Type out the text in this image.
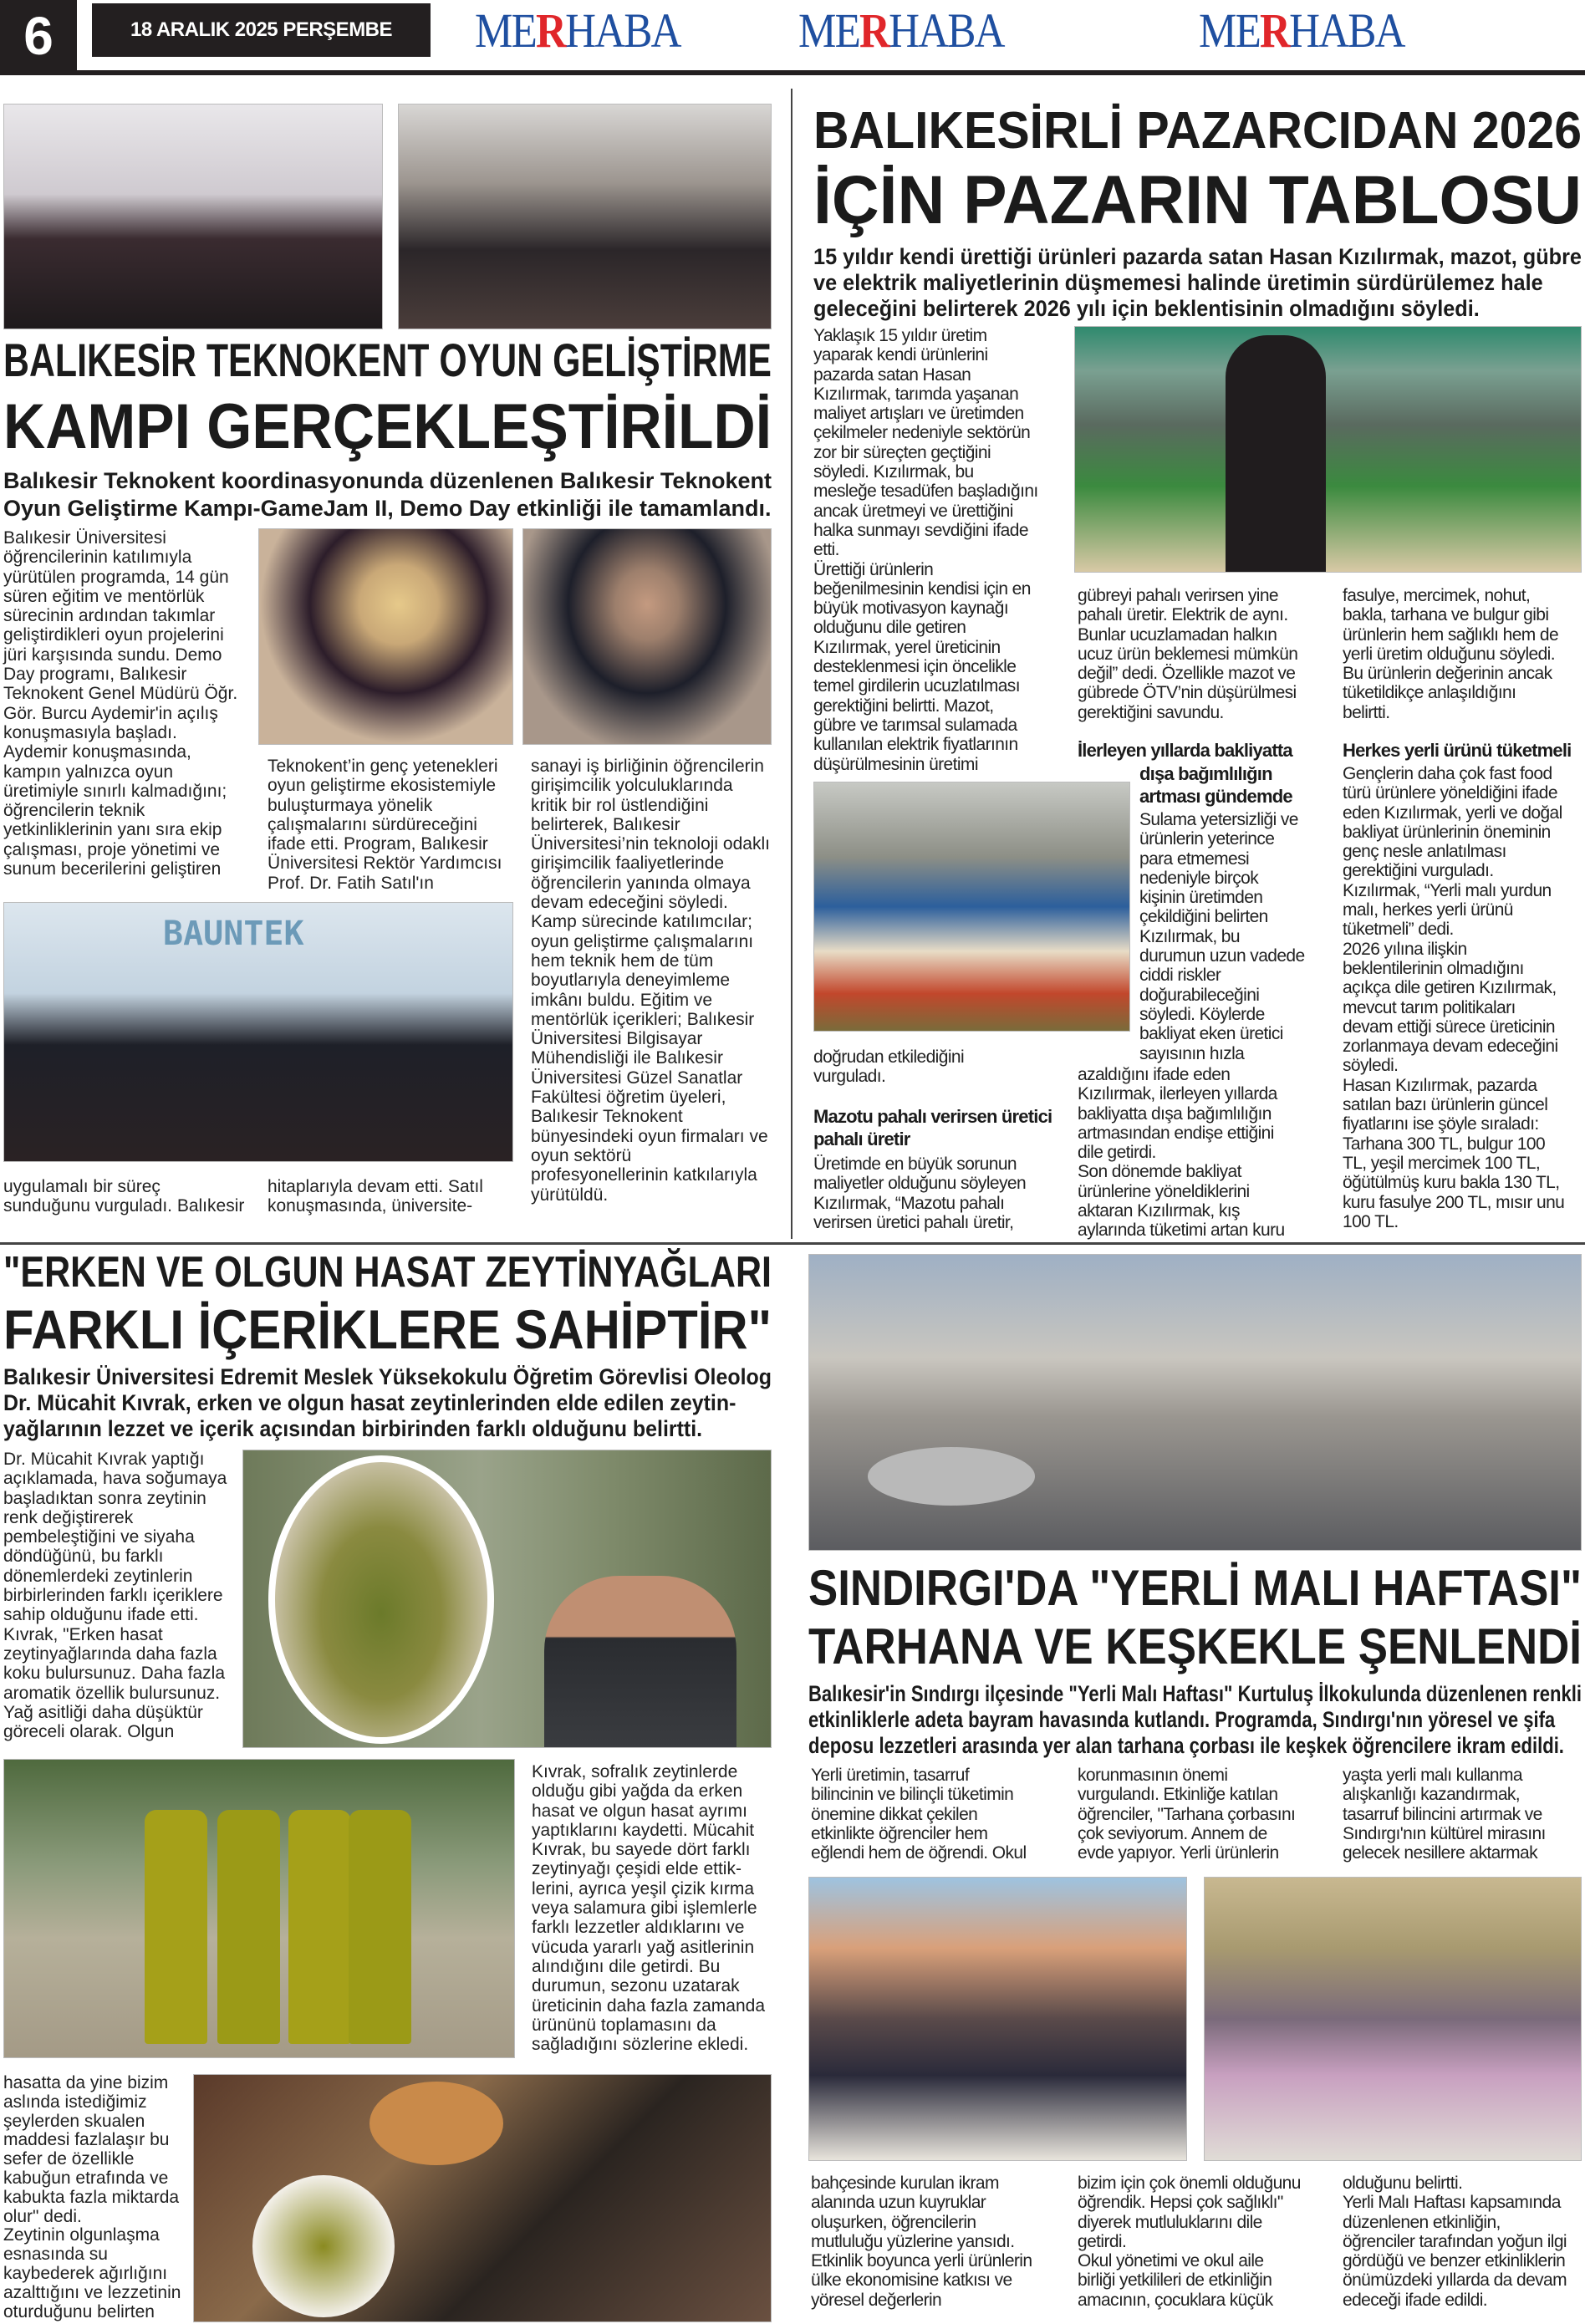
6	18 ARALIK 2025 PERŞEMBE	MERHABA MERHABA	MERHABA
BALIKESİR TEKNOKENT OYUN GELİŞTİRME
KAMPI GERÇEKLEŞTİRİLDİ
Balıkesir Teknokent koordinasyonunda düzenlenen Balıkesir Teknokent
Oyun Geliştirme Kampı-GameJam II, Demo Day etkinliği ile tamamlandı.
Balıkesir Üniversitesi
öğrencilerinin katılımıyla
yürütülen programda, 14 gün
süren eğitim ve mentörlük
sürecinin ardından takımlar
geliştirdikleri oyun projelerini
jüri karşısında sundu. Demo
Day programı, Balıkesir
Teknokent Genel Müdürü Öğr.
Gör. Burcu Aydemir'in açılış
konuşmasıyla başladı.
Aydemir konuşmasında,
kampın yalnızca oyun
üretimiyle sınırlı kalmadığını;
öğrencilerin teknik
yetkinliklerinin yanı sıra ekip
çalışması, proje yönetimi ve
sunum becerilerini geliştiren
Teknokent’in genç yetenekleri
oyun geliştirme ekosistemiyle
buluşturmaya yönelik
çalışmalarını sürdüreceğini
ifade etti. Program, Balıkesir
Üniversitesi Rektör Yardımcısı
Prof. Dr. Fatih Satıl'ın
sanayi iş birliğinin öğrencilerin
girişimcilik yolculuklarında
kritik bir rol üstlendiğini
belirterek, Balıkesir
Üniversitesi’nin teknoloji odaklı
girişimcilik faaliyetlerinde
öğrencilerin yanında olmaya
devam edeceğini söyledi.
Kamp sürecinde katılımcılar;
oyun geliştirme çalışmalarını
hem teknik hem de tüm
boyutlarıyla deneyimleme
imkânı buldu. Eğitim ve
mentörlük içerikleri; Balıkesir
Üniversitesi Bilgisayar
Mühendisliği ile Balıkesir
Üniversitesi Güzel Sanatlar
Fakültesi öğretim üyeleri,
Balıkesir Teknokent
bünyesindeki oyun firmaları ve
oyun sektörü
profesyonellerinin katkılarıyla
yürütüldü.
BAUNTEK
uygulamalı bir süreç
sunduğunu vurguladı. Balıkesir
hitaplarıyla devam etti. Satıl
konuşmasında, üniversite-
BALIKESİRLİ PAZARCIDAN 2026
İÇİN PAZARIN TABLOSU
15 yıldır kendi ürettiği ürünleri pazarda satan Hasan Kızılırmak, mazot, gübre
ve elektrik maliyetlerinin düşmemesi halinde üretimin sürdürülemez hale
geleceğini belirterek 2026 yılı için beklentisinin olmadığını söyledi.
Yaklaşık 15 yıldır üretim
yaparak kendi ürünlerini
pazarda satan Hasan
Kızılırmak, tarımda yaşanan
maliyet artışları ve üretimden
çekilmeler nedeniyle sektörün
zor bir süreçten geçtiğini
söyledi. Kızılırmak, bu
mesleğe tesadüfen başladığını
ancak üretmeyi ve ürettiğini
halka sunmayı sevdiğini ifade
etti.
Ürettiği ürünlerin
beğenilmesinin kendisi için en
büyük motivasyon kaynağı
olduğunu dile getiren
Kızılırmak, yerel üreticinin
desteklenmesi için öncelikle
temel girdilerin ucuzlatılması
gerektiğini belirtti. Mazot,
gübre ve tarımsal sulamada
kullanılan elektrik fiyatlarının
düşürülmesinin üretimi
gübreyi pahalı verirsen yine
pahalı üretir. Elektrik de aynı.
Bunlar ucuzlamadan halkın
ucuz ürün beklemesi mümkün
değil” dedi. Özellikle mazot ve
gübrede ÖTV’nin düşürülmesi
gerektiğini savundu.
fasulye, mercimek, nohut,
bakla, tarhana ve bulgur gibi
ürünlerin hem sağlıklı hem de
yerli üretim olduğunu söyledi.
Bu ürünlerin değerinin ancak
tüketildikçe anlaşıldığını
belirtti.
İlerleyen yıllarda bakliyatta
dışa bağımlılığın
artması gündemde
Sulama yetersizliği ve
ürünlerin yeterince
para etmemesi
nedeniyle birçok
kişinin üretimden
çekildiğini belirten
Kızılırmak, bu
durumun uzun vadede
ciddi riskler
doğurabileceğini
söyledi. Köylerde
bakliyat eken üretici
sayısının hızla
azaldığını ifade eden
Kızılırmak, ilerleyen yıllarda
bakliyatta dışa bağımlılığın
artmasından endişe ettiğini
dile getirdi.
Son dönemde bakliyat
ürünlerine yöneldiklerini
aktaran Kızılırmak, kış
aylarında tüketimi artan kuru
doğrudan etkilediğini
vurguladı.
Mazotu pahalı verirsen üretici
pahalı üretir
Üretimde en büyük sorunun
maliyetler olduğunu söyleyen
Kızılırmak, “Mazotu pahalı
verirsen üretici pahalı üretir,
Herkes yerli ürünü tüketmeli
Gençlerin daha çok fast food
türü ürünlere yöneldiğini ifade
eden Kızılırmak, yerli ve doğal
bakliyat ürünlerinin öneminin
genç nesle anlatılması
gerektiğini vurguladı.
Kızılırmak, “Yerli malı yurdun
malı, herkes yerli ürünü
tüketmeli” dedi.
2026 yılına ilişkin
beklentilerinin olmadığını
açıkça dile getiren Kızılırmak,
mevcut tarım politikaları
devam ettiği sürece üreticinin
zorlanmaya devam edeceğini
söyledi.
Hasan Kızılırmak, pazarda
satılan bazı ürünlerin güncel
fiyatlarını ise şöyle sıraladı:
Tarhana 300 TL, bulgur 100
TL, yeşil mercimek 100 TL,
öğütülmüş kuru bakla 130 TL,
kuru fasulye 200 TL, mısır unu
100 TL.
"ERKEN VE OLGUN HASAT ZEYTİNYAĞLARI
FARKLI İÇERİKLERE SAHİPTİR"
Balıkesir Üniversitesi Edremit Meslek Yüksekokulu Öğretim Görevlisi Oleolog
Dr. Mücahit Kıvrak, erken ve olgun hasat zeytinlerinden elde edilen zeytin-
yağlarının lezzet ve içerik açısından birbirinden farklı olduğunu belirtti.
Dr. Mücahit Kıvrak yaptığı
açıklamada, hava soğumaya
başladıktan sonra zeytinin
renk değiştirerek
pembeleştiğini ve siyaha
döndüğünü, bu farklı
dönemlerdeki zeytinlerin
birbirlerinden farklı içeriklere
sahip olduğunu ifade etti.
Kıvrak, "Erken hasat
zeytinyağlarında daha fazla
koku bulursunuz. Daha fazla
aromatik özellik bulursunuz.
Yağ asitliği daha düşüktür
göreceli olarak. Olgun
Kıvrak, sofralık zeytinlerde
olduğu gibi yağda da erken
hasat ve olgun hasat ayrımı
yaptıklarını kaydetti. Mücahit
Kıvrak, bu sayede dört farklı
zeytinyağı çeşidi elde ettik-
lerini, ayrıca yeşil çizik kırma
veya salamura gibi işlemlerle
farklı lezzetler aldıklarını ve
vücuda yararlı yağ asitlerinin
alındığını dile getirdi. Bu
durumun, sezonu uzatarak
üreticinin daha fazla zamanda
ürününü toplamasını da
sağladığını sözlerine ekledi.
hasatta da yine bizim
aslında istediğimiz
şeylerden skualen
maddesi fazlalaşır bu
sefer de özellikle
kabuğun etrafında ve
kabukta fazla miktarda
olur" dedi.
Zeytinin olgunlaşma
esnasında su
kaybederek ağırlığını
azalttığını ve lezzetinin
oturduğunu belirten
SINDIRGI'DA "YERLİ MALI HAFTASI"
TARHANA VE KEŞKEKLE ŞENLENDİ
Balıkesir'in Sındırgı ilçesinde "Yerli Malı Haftası" Kurtuluş İlkokulunda düzenlenen renkli
etkinliklerle adeta bayram havasında kutlandı. Programda, Sındırgı'nın yöresel ve şifa
deposu lezzetleri arasında yer alan tarhana çorbası ile keşkek öğrencilere ikram edildi.
Yerli üretimin, tasarruf
bilincinin ve bilinçli tüketimin
önemine dikkat çekilen
etkinlikte öğrenciler hem
eğlendi hem de öğrendi. Okul
korunmasının önemi
vurgulandı. Etkinliğe katılan
öğrenciler, "Tarhana çorbasını
çok seviyorum. Annem de
evde yapıyor. Yerli ürünlerin
yaşta yerli malı kullanma
alışkanlığı kazandırmak,
tasarruf bilincini artırmak ve
Sındırgı'nın kültürel mirasını
gelecek nesillere aktarmak
bahçesinde kurulan ikram
alanında uzun kuyruklar
oluşurken, öğrencilerin
mutluluğu yüzlerine yansıdı.
Etkinlik boyunca yerli ürünlerin
ülke ekonomisine katkısı ve
yöresel değerlerin
bizim için çok önemli olduğunu
öğrendik. Hepsi çok sağlıklı"
diyerek mutluluklarını dile
getirdi.
Okul yönetimi ve okul aile
birliği yetkilileri de etkinliğin
amacının, çocuklara küçük
olduğunu belirtti.
Yerli Malı Haftası kapsamında
düzenlenen etkinliğin,
öğrenciler tarafından yoğun ilgi
gördüğü ve benzer etkinliklerin
önümüzdeki yıllarda da devam
edeceği ifade edildi.
